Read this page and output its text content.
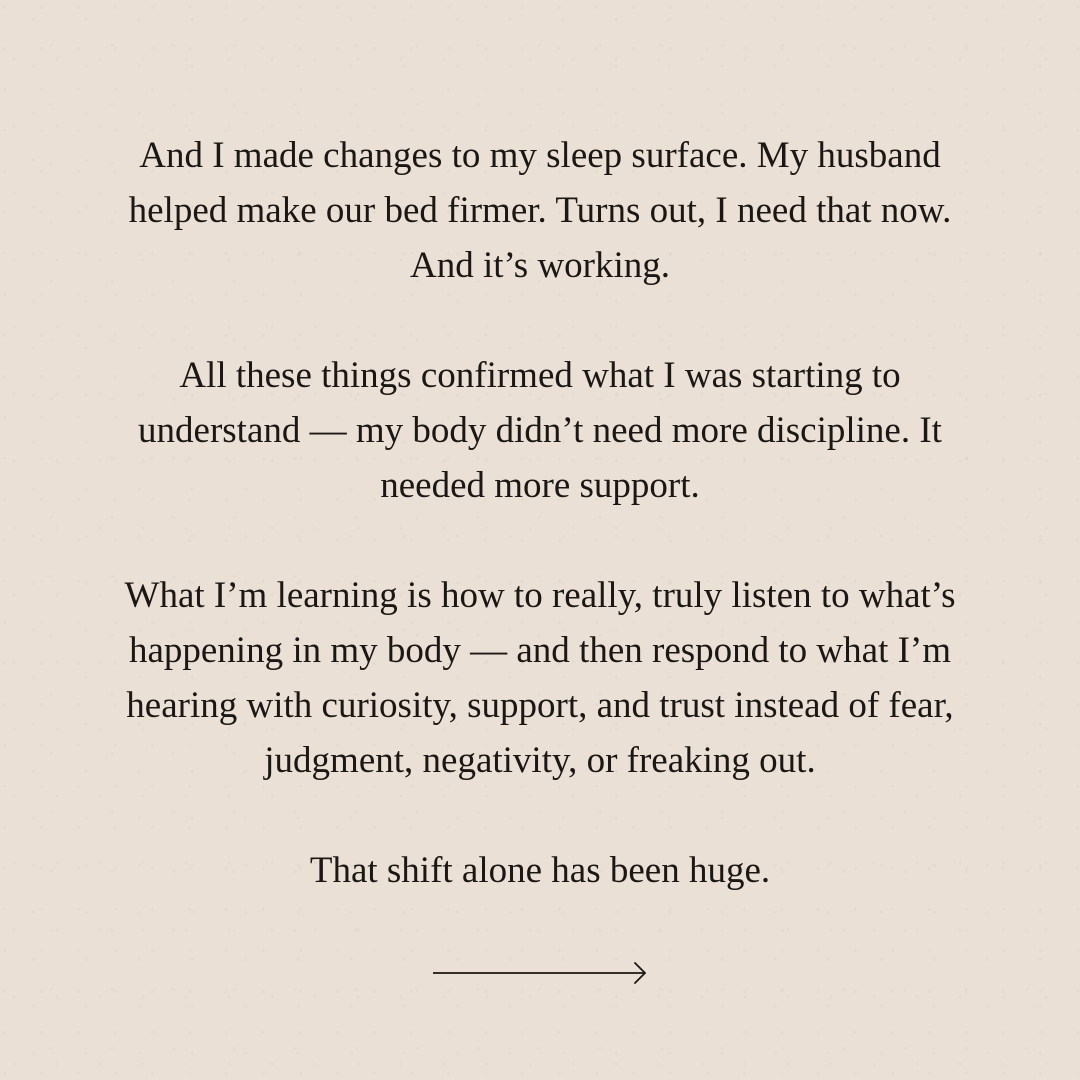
And I made changes to my sleep surface. My husband helped make our bed firmer. Turns out, I need that now. And it’s working.

All these things confirmed what I was starting to understand — my body didn’t need more discipline. It needed more support.

What I’m learning is how to really, truly listen to what’s happening in my body — and then respond to what I’m hearing with curiosity, support, and trust instead of fear, judgment, negativity, or freaking out.

That shift alone has been huge.
